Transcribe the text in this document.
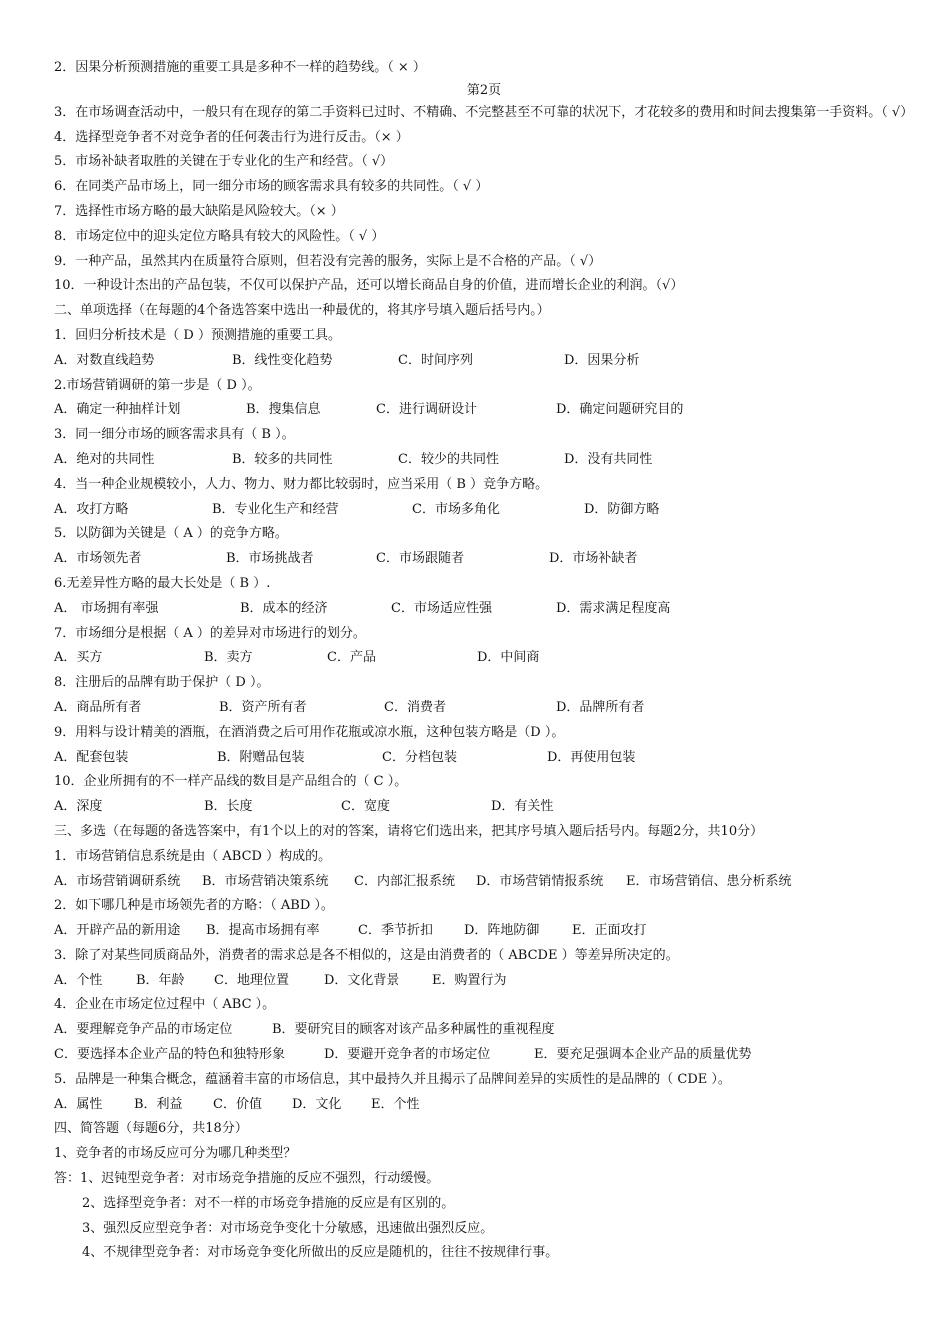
2．因果分析预测措施的重要工具是多种不一样的趋势线。（ × ）
第2页
3．在市场调查活动中，一般只有在现存的第二手资料已过时、不精确、不完整甚至不可靠的状况下，才花较多的费用和时间去搜集第一手资料。（ √）
4．选择型竞争者不对竞争者的任何袭击行为进行反击。（× ）
5．市场补缺者取胜的关键在于专业化的生产和经营。（ √）
6．在同类产品市场上，同一细分市场的顾客需求具有较多的共同性。（ √ ）
7．选择性市场方略的最大缺陷是风险较大。（× ）
8．市场定位中的迎头定位方略具有较大的风险性。（ √ ）
9．一种产品，虽然其内在质量符合原则，但若没有完善的服务，实际上是不合格的产品。（ √）
10．一种设计杰出的产品包装，不仅可以保护产品，还可以增长商品自身的价值，进而增长企业的利润。（√）
二、单项选择（在每题的4个备选答案中选出一种最优的，将其序号填入题后括号内。）
1．回归分析技术是（ D ）预测措施的重要工具。
A．对数直线趋势	B．线性变化趋势	C．时间序列	D．因果分析
2.市场营销调研的第一步是（ D ）。
A．确定一种抽样计划	B．搜集信息	C．进行调研设计	D．确定问题研究目的
3．同一细分市场的顾客需求具有（ B ）。
A．绝对的共同性	B．较多的共同性	C．较少的共同性	D．没有共同性
4．当一种企业规模较小，人力、物力、财力都比较弱时，应当采用（ B ）竞争方略。
A．攻打方略	B．专业化生产和经营	C．市场多角化	D．防御方略
5．以防御为关键是（ A ）的竞争方略。
A．市场领先者	B．市场挑战者	C．市场跟随者	D．市场补缺者
6.无差异性方略的最大长处是（ B ）.
A． 市场拥有率强	B．成本的经济	C．市场适应性强	D．需求满足程度高
7．市场细分是根据（ A ）的差异对市场进行的划分。
A．买方	B．卖方	C．产品	D．中间商
8．注册后的品牌有助于保护（ D ）。
A．商品所有者	B．资产所有者	C．消费者	D．品牌所有者
9．用料与设计精美的酒瓶，在酒消费之后可用作花瓶或凉水瓶，这种包装方略是（D ）。
A．配套包装	B．附赠品包装	C．分档包装	D．再使用包装
10．企业所拥有的不一样产品线的数目是产品组合的（ C ）。
A．深度	B．长度	C．宽度	D．有关性
三、多选（在每题的备选答案中，有1个以上的对的答案，请将它们选出来，把其序号填入题后括号内。每题2分，共10分）
1．市场营销信息系统是由（ ABCD ）构成的。
A．市场营销调研系统	B．市场营销决策系统	C．内部汇报系统	D．市场营销情报系统	E．市场营销信、患分析系统
2．如下哪几种是市场领先者的方略：（ ABD ）。
A．开辟产品的新用途	B．提高市场拥有率	C．季节折扣	D．阵地防御	E．正面攻打
3．除了对某些同质商品外，消费者的需求总是各不相似的，这是由消费者的（ ABCDE ）等差异所决定的。
A．个性	B．年龄	C．地理位置	D．文化背景	E．购置行为
4．企业在市场定位过程中（ ABC ）。
A．要理解竞争产品的市场定位	B．要研究目的顾客对该产品多种属性的重视程度
C．要选择本企业产品的特色和独特形象	D．要避开竞争者的市场定位	E．要充足强调本企业产品的质量优势
5．品牌是一种集合概念，蕴涵着丰富的市场信息，其中最持久并且揭示了品牌间差异的实质性的是品牌的（ CDE ）。
A．属性	B．利益	C．价值	D．文化	E．个性
四、简答题（每题6分，共18分）
1、竞争者的市场反应可分为哪几种类型？
答：1、迟钝型竞争者：对市场竞争措施的反应不强烈，行动缓慢。
2、选择型竞争者：对不一样的市场竞争措施的反应是有区别的。
3、强烈反应型竞争者：对市场竞争变化十分敏感，迅速做出强烈反应。
4、不规律型竞争者：对市场竞争变化所做出的反应是随机的，往往不按规律行事。
